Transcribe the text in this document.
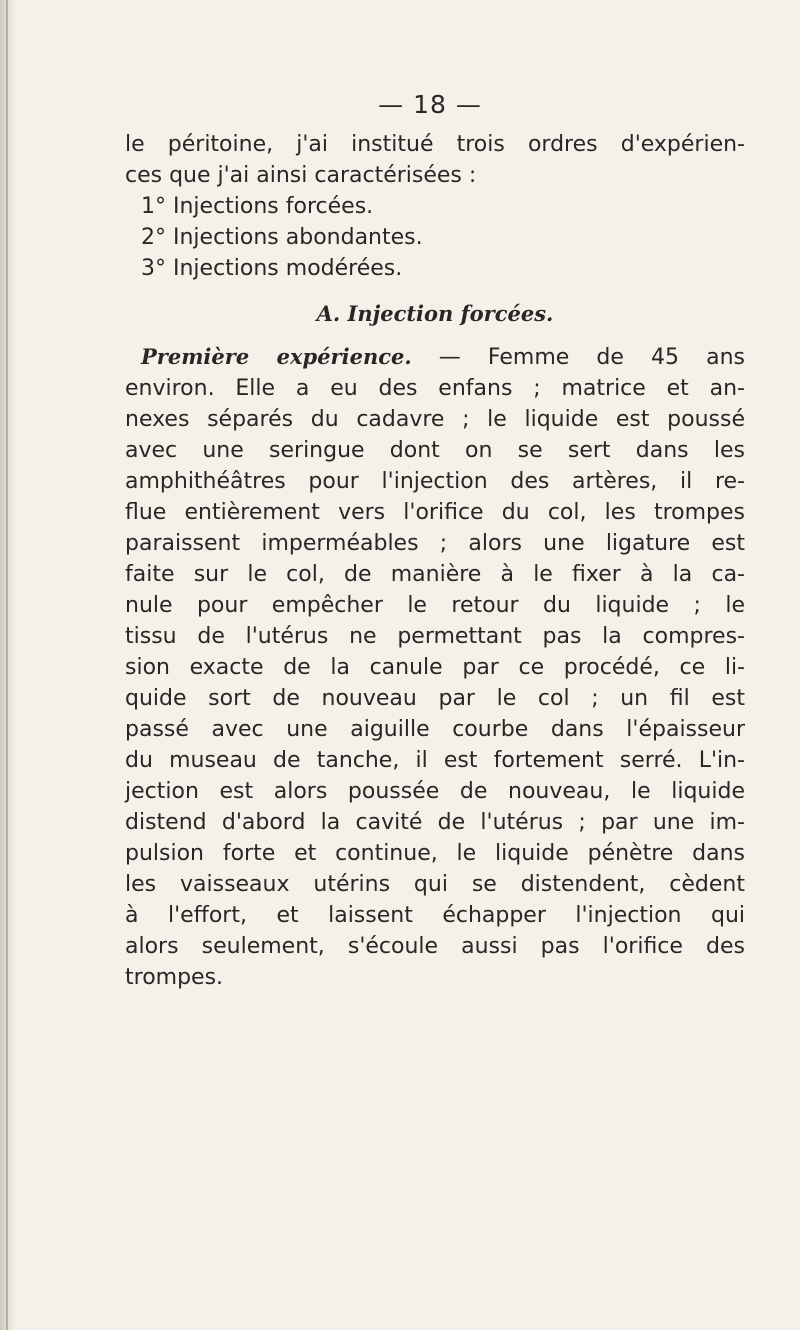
— 18 —
le péritoine, j'ai institué trois ordres d'expérien-
ces que j'ai ainsi caractérisées :
1° Injections forcées.
2° Injections abondantes.
3° Injections modérées.
A. Injection forcées.
Première expérience. — Femme de 45 ans
environ. Elle a eu des enfans ; matrice et an-
nexes séparés du cadavre ; le liquide est poussé
avec une seringue dont on se sert dans les
amphithéâtres pour l'injection des artères, il re-
flue entièrement vers l'orifice du col, les trompes
paraissent imperméables ; alors une ligature est
faite sur le col, de manière à le fixer à la ca-
nule pour empêcher le retour du liquide ; le
tissu de l'utérus ne permettant pas la compres-
sion exacte de la canule par ce procédé, ce li-
quide sort de nouveau par le col ; un fil est
passé avec une aiguille courbe dans l'épaisseur
du museau de tanche, il est fortement serré. L'in-
jection est alors poussée de nouveau, le liquide
distend d'abord la cavité de l'utérus ; par une im-
pulsion forte et continue, le liquide pénètre dans
les vaisseaux utérins qui se distendent, cèdent
à l'effort, et laissent échapper l'injection qui
alors seulement, s'écoule aussi pas l'orifice des
trompes.
